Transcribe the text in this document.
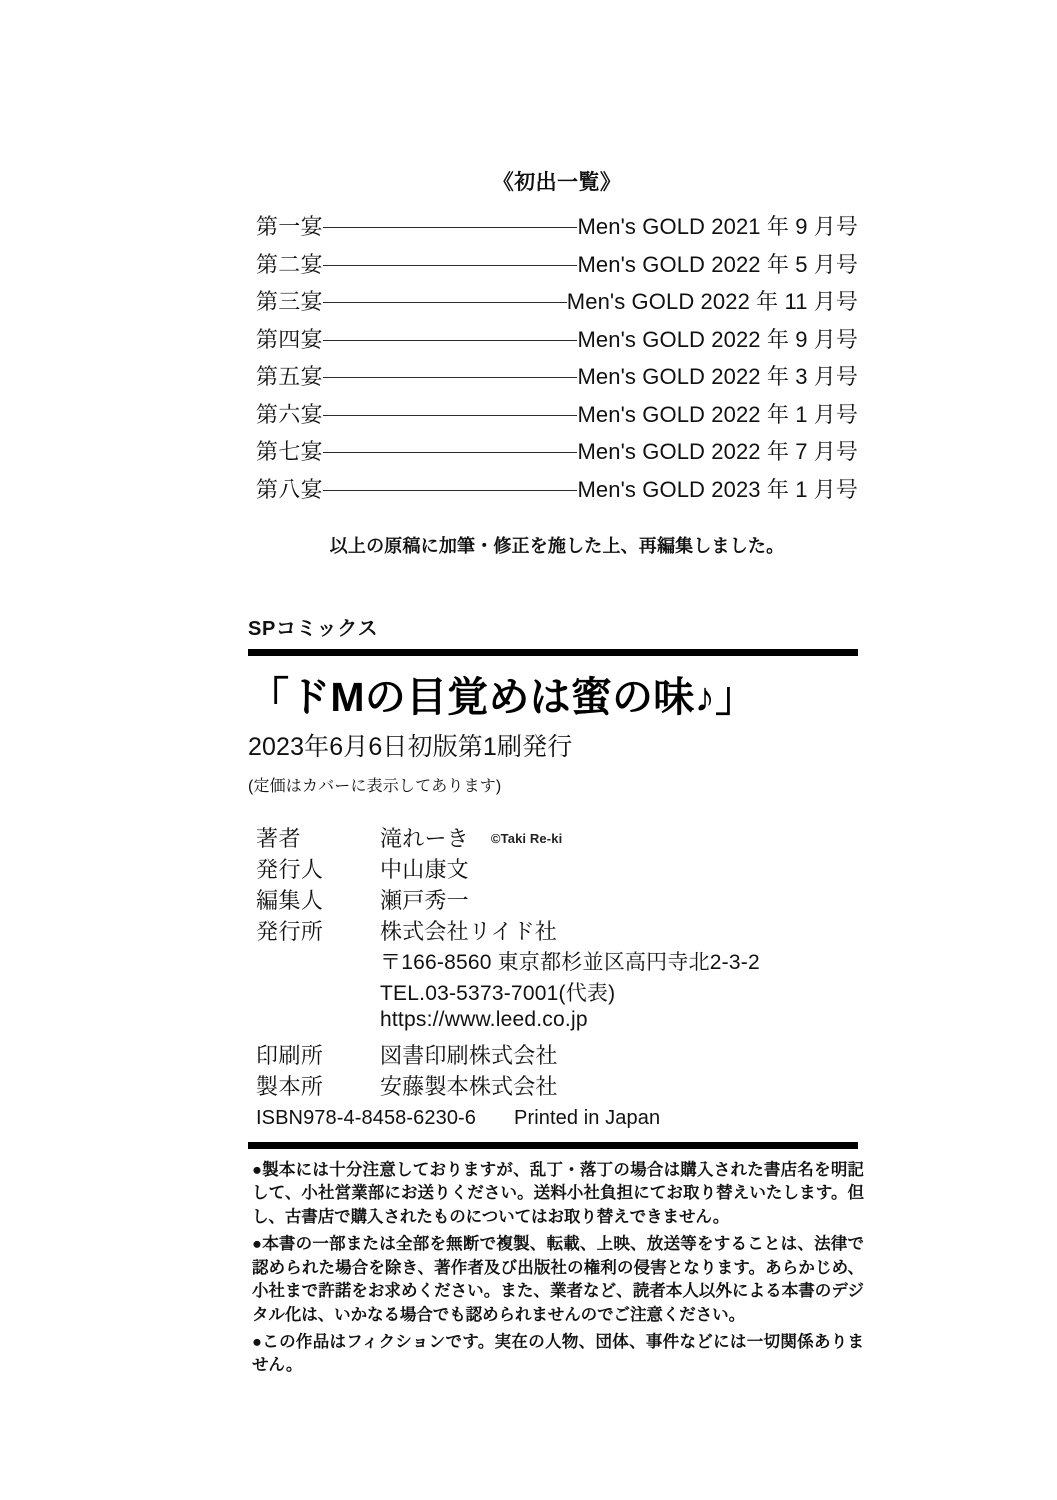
《初出一覧》
第一宴	Men's GOLD 2021 年 9 月号
第二宴	Men's GOLD 2022 年 5 月号
第三宴	Men's GOLD 2022 年 11 月号
第四宴	Men's GOLD 2022 年 9 月号
第五宴	Men's GOLD 2022 年 3 月号
第六宴	Men's GOLD 2022 年 1 月号
第七宴	Men's GOLD 2022 年 7 月号
第八宴	Men's GOLD 2023 年 1 月号
以上の原稿に加筆・修正を施した上、再編集しました。
SPコミックス
「ドMの目覚めは蜜の味♪」
2023年6月6日初版第1刷発行
(定価はカバーに表示してあります)
著者	滝れーき ©Taki Re-ki
発行人	中山康文
編集人	瀬戸秀一
発行所	株式会社リイド社
〒166-8560 東京都杉並区高円寺北2-3-2
TEL.03-5373-7001(代表)
https://www.leed.co.jp
印刷所	図書印刷株式会社
製本所	安藤製本株式会社
ISBN978-4-8458-6230-6 Printed in Japan

●製本には十分注意しておりますが、乱丁・落丁の場合は購入された書店名を明記して、小社営業部にお送りください。送料小社負担にてお取り替えいたします。但し、古書店で購入されたものについてはお取り替えできません。

●本書の一部または全部を無断で複製、転載、上映、放送等をすることは、法律で認められた場合を除き、著作者及び出版社の権利の侵害となります。あらかじめ、小社まで許諾をお求めください。また、業者など、読者本人以外による本書のデジタル化は、いかなる場合でも認められませんのでご注意ください。

●この作品はフィクションです。実在の人物、団体、事件などには一切関係ありません。
